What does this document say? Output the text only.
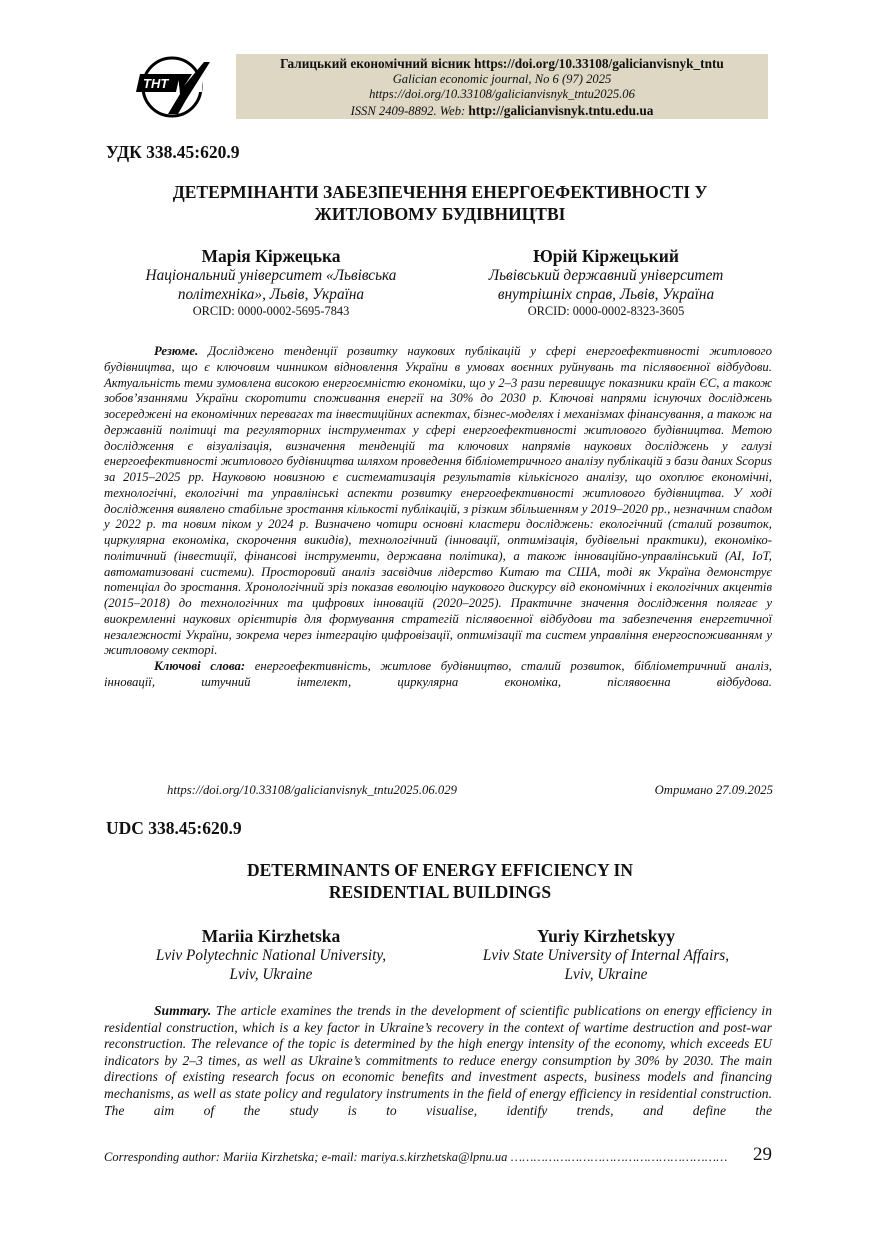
ТНТ
Галицький економічний вісник https://doi.org/10.33108/galicianvisnyk_tntu
Galician economic journal, No 6 (97) 2025
https://doi.org/10.33108/galicianvisnyk_tntu2025.06
ISSN 2409-8892. Web: http://galicianvisnyk.tntu.edu.ua
УДК 338.45:620.9
ДЕТЕРМІНАНТИ ЗАБЕЗПЕЧЕННЯ ЕНЕРГОЕФЕКТИВНОСТІ У
ЖИТЛОВОМУ БУДІВНИЦТВІ
Марія Кіржецька
Національний університет «Львівська
політехніка», Львів, Україна
ORCID: 0000-0002-5695-7843
Юрій Кіржецький
Львівський державний університет
внутрішніх справ, Львів, Україна
ORCID: 0000-0002-8323-3605

Резюме. Досліджено тенденції розвитку наукових публікацій у сфері енергоефективності житлового будівництва, що є ключовим чинником відновлення України в умовах воєнних руйнувань та післявоєнної відбудови. Актуальність теми зумовлена високою енергоємністю економіки, що у 2–3 рази перевищує показники країн ЄС, а також зобов’язаннями України скоротити споживання енергії на 30% до 2030 р. Ключові напрями існуючих досліджень зосереджені на економічних перевагах та інвестиційних аспектах, бізнес-моделях і механізмах фінансування, а також на державній політиці та регуляторних інструментах у сфері енергоефективності житлового будівництва. Метою дослідження є візуалізація, визначення тенденцій та ключових напрямів наукових досліджень у галузі енергоефективності житлового будівництва шляхом проведення бібліометричного аналізу публікацій з бази даних Scopus за 2015–2025 рр. Науковою новизною є систематизація результатів кількісного аналізу, що охоплює економічні, технологічні, екологічні та управлінські аспекти розвитку енергоефективності житлового будівництва. У ході дослідження виявлено стабільне зростання кількості публікацій, з різким збільшенням у 2019–2020 рр., незначним спадом у 2022 р. та новим піком у 2024 р. Визначено чотири основні кластери досліджень: екологічний (сталий розвиток, циркулярна економіка, скорочення викидів), технологічний (інновації, оптимізація, будівельні практики), економіко-політичний (інвестиції, фінансові інструменти, державна політика), а також інноваційно-управлінський (AI, IoT, автоматизовані системи). Просторовий аналіз засвідчив лідерство Китаю та США, тоді як Україна демонструє потенціал до зростання. Хронологічний зріз показав еволюцію наукового дискурсу від економічних і екологічних акцентів (2015–2018) до технологічних та цифрових інновацій (2020–2025). Практичне значення дослідження полягає у виокремленні наукових орієнтирів для формування стратегій післявоєнної відбудови та забезпечення енергетичної незалежності України, зокрема через інтеграцію цифровізації, оптимізації та систем управління енергоспоживанням у житловому секторі.

Ключові слова: енергоефективність, житлове будівництво, сталий розвиток, бібліометричний аналіз, інновації, штучний інтелект, циркулярна економіка, післявоєнна відбудова.

https://doi.org/10.33108/galicianvisnyk_tntu2025.06.029	Отримано 27.09.2025
UDC 338.45:620.9
DETERMINANTS OF ENERGY EFFICIENCY IN
RESIDENTIAL BUILDINGS
Mariia Kirzhetska
Lviv Polytechnic National University,
Lviv, Ukraine
Yuriy Kirzhetskyy
Lviv State University of Internal Affairs,
Lviv, Ukraine

Summary. The article examines the trends in the development of scientific publications on energy efficiency in residential construction, which is a key factor in Ukraine’s recovery in the context of wartime destruction and post-war reconstruction. The relevance of the topic is determined by the high energy intensity of the economy, which exceeds EU indicators by 2–3 times, as well as Ukraine’s commitments to reduce energy consumption by 30% by 2030. The main directions of existing research focus on economic benefits and investment aspects, business models and financing mechanisms, as well as state policy and regulatory instruments in the field of energy efficiency in residential construction. The aim of the study is to visualise, identify trends, and define the

Corresponding author: Mariia Kirzhetska; e-mail: mariya.s.kirzhetska@lpnu.ua ………………………………………………… 29
